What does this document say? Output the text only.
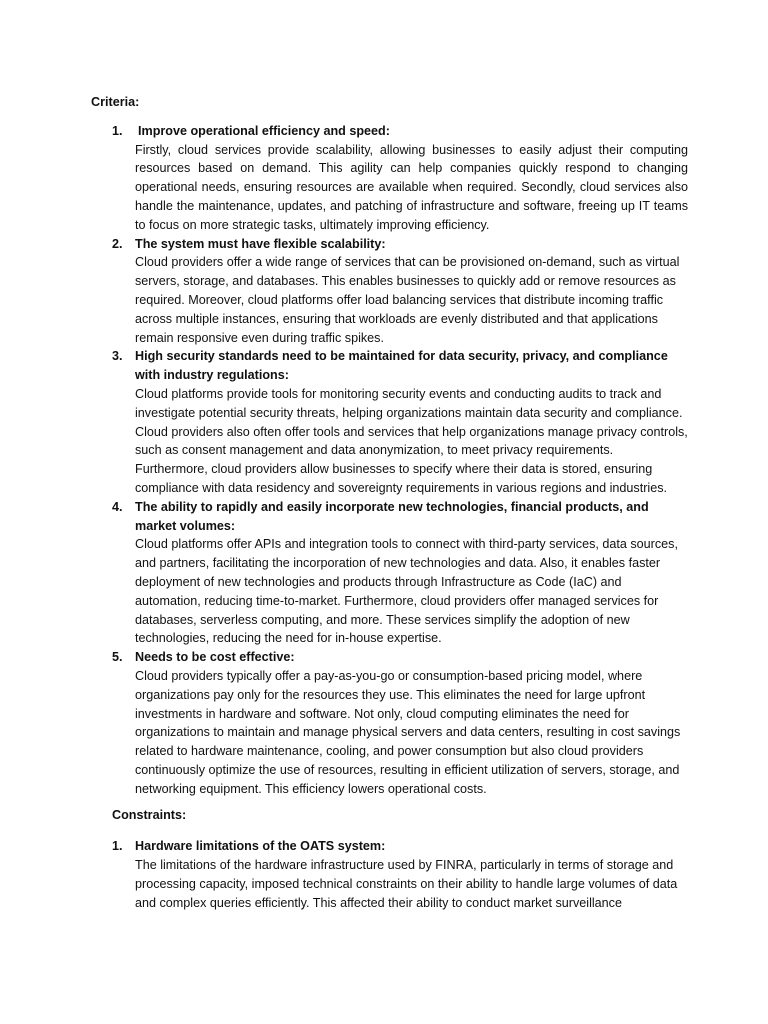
Criteria:

1. Improve operational efficiency and speed:

Firstly, cloud services provide scalability, allowing businesses to easily adjust their computing resources based on demand. This agility can help companies quickly respond to changing operational needs, ensuring resources are available when required. Secondly, cloud services also handle the maintenance, updates, and patching of infrastructure and software, freeing up IT teams to focus on more strategic tasks, ultimately improving efficiency.

2. The system must have flexible scalability:

Cloud providers offer a wide range of services that can be provisioned on-demand, such as virtual servers, storage, and databases. This enables businesses to quickly add or remove resources as required. Moreover, cloud platforms offer load balancing services that distribute incoming traffic across multiple instances, ensuring that workloads are evenly distributed and that applications remain responsive even during traffic spikes.

3. High security standards need to be maintained for data security, privacy, and compliance with industry regulations:

Cloud platforms provide tools for monitoring security events and conducting audits to track and investigate potential security threats, helping organizations maintain data security and compliance. Cloud providers also often offer tools and services that help organizations manage privacy controls, such as consent management and data anonymization, to meet privacy requirements. Furthermore, cloud providers allow businesses to specify where their data is stored, ensuring compliance with data residency and sovereignty requirements in various regions and industries.

4. The ability to rapidly and easily incorporate new technologies, financial products, and market volumes:

Cloud platforms offer APIs and integration tools to connect with third-party services, data sources, and partners, facilitating the incorporation of new technologies and data. Also, it enables faster deployment of new technologies and products through Infrastructure as Code (IaC) and automation, reducing time-to-market. Furthermore, cloud providers offer managed services for databases, serverless computing, and more. These services simplify the adoption of new technologies, reducing the need for in-house expertise.

5. Needs to be cost effective:

Cloud providers typically offer a pay-as-you-go or consumption-based pricing model, where organizations pay only for the resources they use. This eliminates the need for large upfront investments in hardware and software. Not only, cloud computing eliminates the need for organizations to maintain and manage physical servers and data centers, resulting in cost savings related to hardware maintenance, cooling, and power consumption but also cloud providers continuously optimize the use of resources, resulting in efficient utilization of servers, storage, and networking equipment. This efficiency lowers operational costs.

Constraints:

1. Hardware limitations of the OATS system:

The limitations of the hardware infrastructure used by FINRA, particularly in terms of storage and processing capacity, imposed technical constraints on their ability to handle large volumes of data and complex queries efficiently. This affected their ability to conduct market surveillance
